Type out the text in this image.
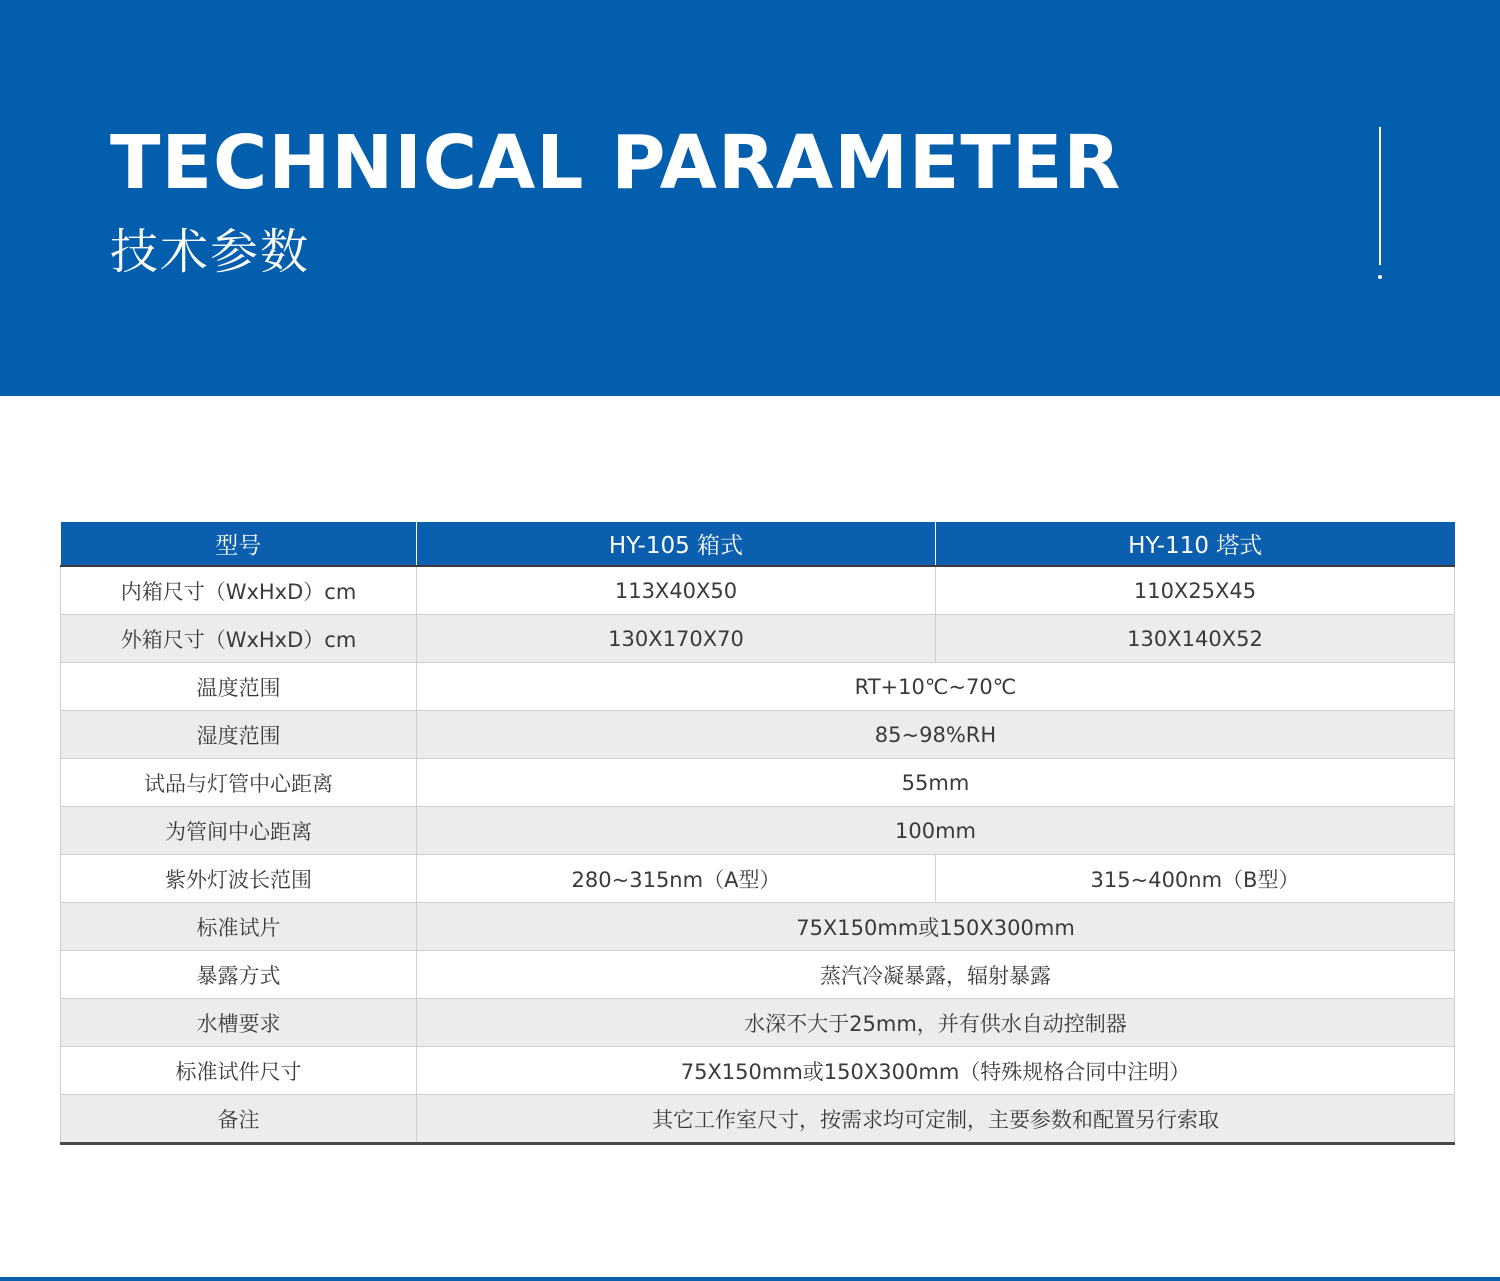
TECHNICAL PARAMETER
技术参数
型号	HY-105 箱式	HY-110 塔式
内箱尺寸（WxHxD）cm	113X40X50	110X25X45
外箱尺寸（WxHxD）cm	130X170X70	130X140X52
温度范围	RT+10℃~70℃	
湿度范围	85~98%RH	
试品与灯管中心距离	55mm	
为管间中心距离	100mm	
紫外灯波长范围	280~315nm（A型）	315~400nm（B型）
标准试片	75X150mm或150X300mm	
暴露方式	蒸汽冷凝暴露，辐射暴露	
水槽要求	水深不大于25mm，并有供水自动控制器	
标准试件尺寸	75X150mm或150X300mm（特殊规格合同中注明）	
备注	其它工作室尺寸，按需求均可定制，主要参数和配置另行索取	
